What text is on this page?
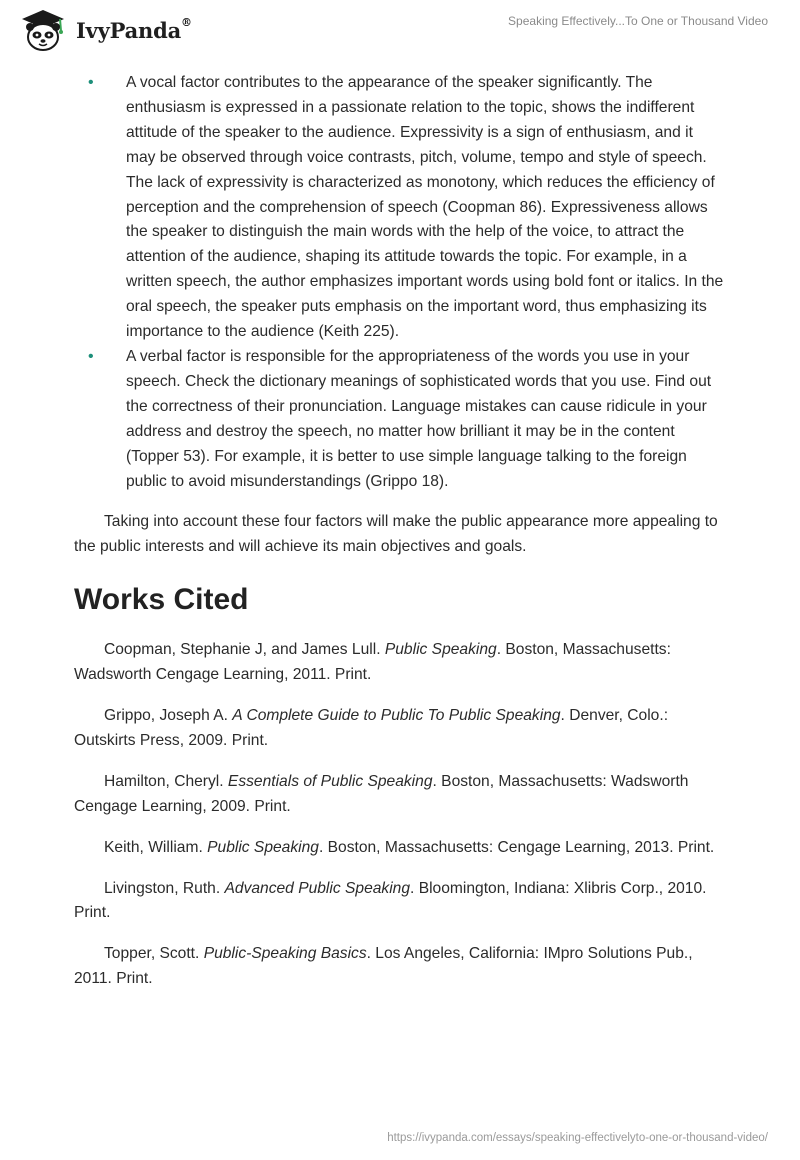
IvyPanda®	Speaking Effectively...To One or Thousand Video
• A vocal factor contributes to the appearance of the speaker significantly. The enthusiasm is expressed in a passionate relation to the topic, shows the indifferent attitude of the speaker to the audience. Expressivity is a sign of enthusiasm, and it may be observed through voice contrasts, pitch, volume, tempo and style of speech. The lack of expressivity is characterized as monotony, which reduces the efficiency of perception and the comprehension of speech (Coopman 86). Expressiveness allows the speaker to distinguish the main words with the help of the voice, to attract the attention of the audience, shaping its attitude towards the topic. For example, in a written speech, the author emphasizes important words using bold font or italics. In the oral speech, the speaker puts emphasis on the important word, thus emphasizing its importance to the audience (Keith 225).
• A verbal factor is responsible for the appropriateness of the words you use in your speech. Check the dictionary meanings of sophisticated words that you use. Find out the correctness of their pronunciation. Language mistakes can cause ridicule in your address and destroy the speech, no matter how brilliant it may be in the content (Topper 53). For example, it is better to use simple language talking to the foreign public to avoid misunderstandings (Grippo 18).

Taking into account these four factors will make the public appearance more appealing to the public interests and will achieve its main objectives and goals.

Works Cited

Coopman, Stephanie J, and James Lull. Public Speaking. Boston, Massachusetts: Wadsworth Cengage Learning, 2011. Print.

Grippo, Joseph A. A Complete Guide to Public To Public Speaking. Denver, Colo.: Outskirts Press, 2009. Print.

Hamilton, Cheryl. Essentials of Public Speaking. Boston, Massachusetts: Wadsworth Cengage Learning, 2009. Print.

Keith, William. Public Speaking. Boston, Massachusetts: Cengage Learning, 2013. Print.

Livingston, Ruth. Advanced Public Speaking. Bloomington, Indiana: Xlibris Corp., 2010. Print.

Topper, Scott. Public-Speaking Basics. Los Angeles, California: IMpro Solutions Pub., 2011. Print.

https://ivypanda.com/essays/speaking-effectivelyto-one-or-thousand-video/
